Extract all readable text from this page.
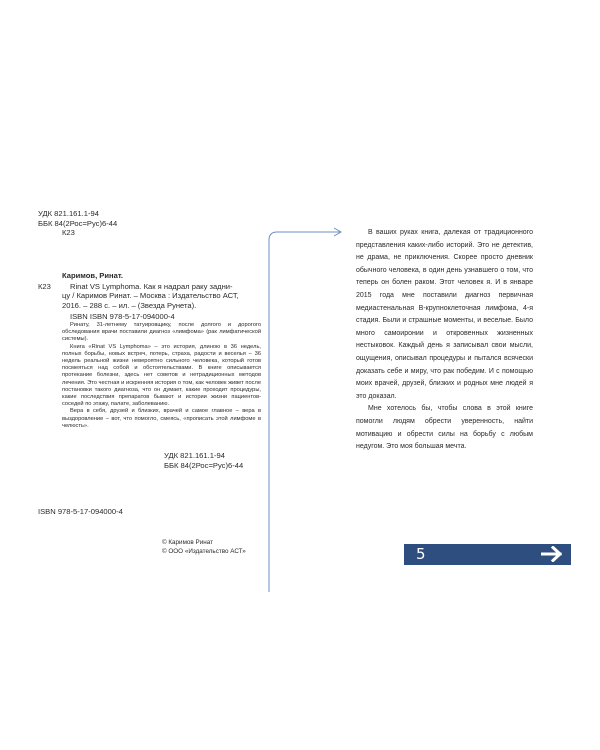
УДК 821.161.1-94
ББК 84(2Рос=Рус)6-44
К23
Каримов, Ринат.
К23	Rinat VS Lymphoma. Как я надрал раку задни-
цу / Каримов Ринат. – Москва : Издательство АСТ,
2016. – 288 с. – ил. – (Звезда Рунета).
ISBN ISBN 978-5-17-094000-4

Ринату, 31-летнему татуировщику, после долгого и дорогого обследования врачи поставили диагноз «лимфома» (рак лимфатической системы).

Книга «Rinat VS Lymphoma» – это история, длиною в 36 недель, полных борьбы, новых встреч, потерь, страха, радости и веселья – 36 недель реальной жизни невероятно сильного человека, который готов посмеяться над собой и обстоятельствами. В книге описывается протекание болезни, здесь нет советов и нетрадиционных методов лечения. Это честная и искренняя история о том, как человек живет после постановки такого диагноза, что он думает, какие проходит процедуры, какие последствия препаратов бывают и истории жизни пациентов-соседей по этажу, палате, заболеванию.

Вера в себя, друзей и близких, врачей и самое главное – вера в выздоровление – вот, что помогло, смеясь, «прописать этой лимфоме в челюсть».

УДК 821.161.1-94
ББК 84(2Рос=Рус)6-44
ISBN 978-5-17-094000-4
© Каримов Ринат
© ООО «Издательство АСТ»

В ваших руках книга, далекая от традиционного представления каких-либо историй. Это не детектив, не драма, не приключения. Скорее просто дневник обычного человека, в один день узнавшего о том, что теперь он болен раком. Этот человек я. И в январе 2015 года мне поставили диагноз первичная медиастенальная B-крупноклеточная лимфома, 4-я стадия. Были и страшные моменты, и веселые. Было много самоиронии и откровенных жизненных нестыковок. Каждый день я записывал свои мысли, ощущения, описывал процедуры и пытался всячески доказать себе и миру, что рак победим. И с помощью моих врачей, друзей, близких и родных мне людей я это доказал.

Мне хотелось бы, чтобы слова в этой книге помогли людям обрести уверенность, найти мотивацию и обрести силы на борьбу с любым недугом. Это моя большая мечта.

5
